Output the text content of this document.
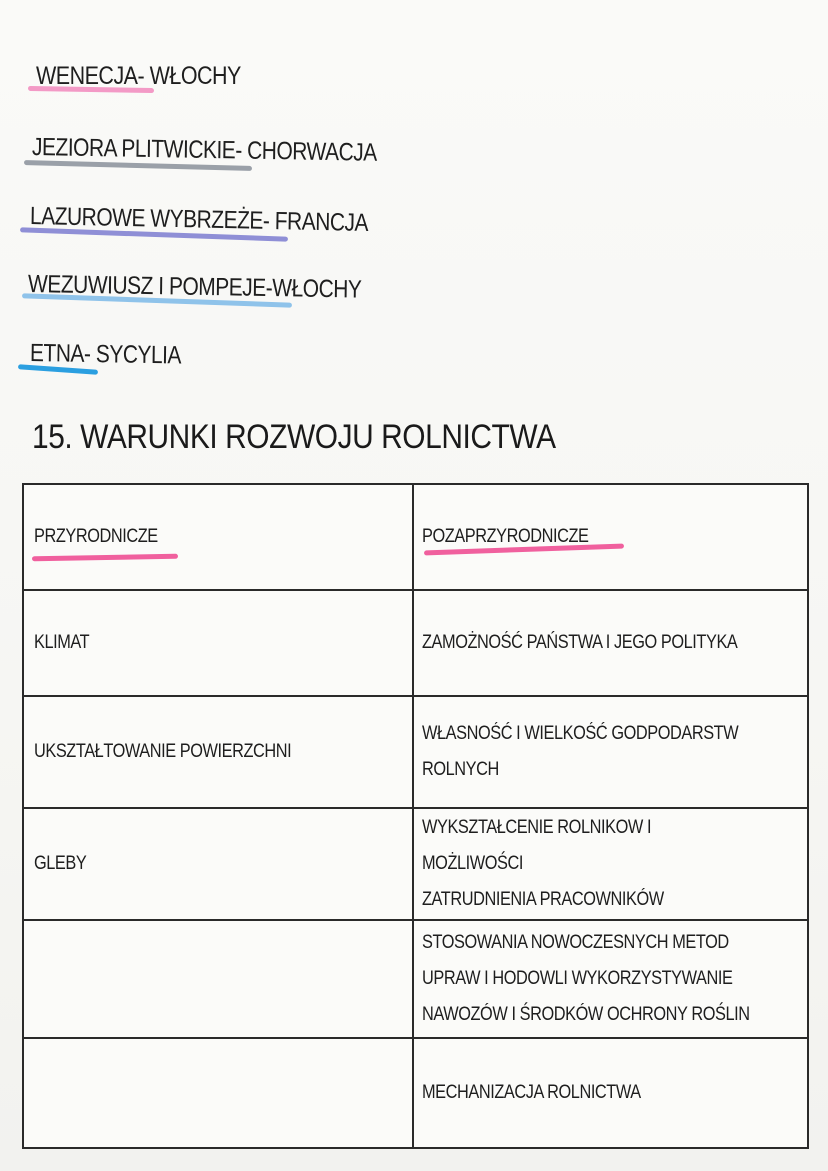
WENECJA- WŁOCHY
JEZIORA PLITWICKIE- CHORWACJA
LAZUROWE WYBRZEŻE- FRANCJA
WEZUWIUSZ I POMPEJE-WŁOCHY
ETNA- SYCYLIA
15. WARUNKI ROZWOJU ROLNICTWA
PRZYRODNICZE	POZAPRZYRODNICZE
KLIMAT	ZAMOŻNOŚĆ PAŃSTWA I JEGO POLITYKA
UKSZTAŁTOWANIE POWIERZCHNI
WŁASNOŚĆ I WIELKOŚĆ GODPODARSTW
ROLNYCH
GLEBY
WYKSZTAŁCENIE ROLNIKOW I MOŻLIWOŚCI
ZATRUDNIENIA PRACOWNIKÓW
STOSOWANIA NOWOCZESNYCH METOD
UPRAW I HODOWLI WYKORZYSTYWANIE
NAWOZÓW I ŚRODKÓW OCHRONY ROŚLIN
MECHANIZACJA ROLNICTWA
